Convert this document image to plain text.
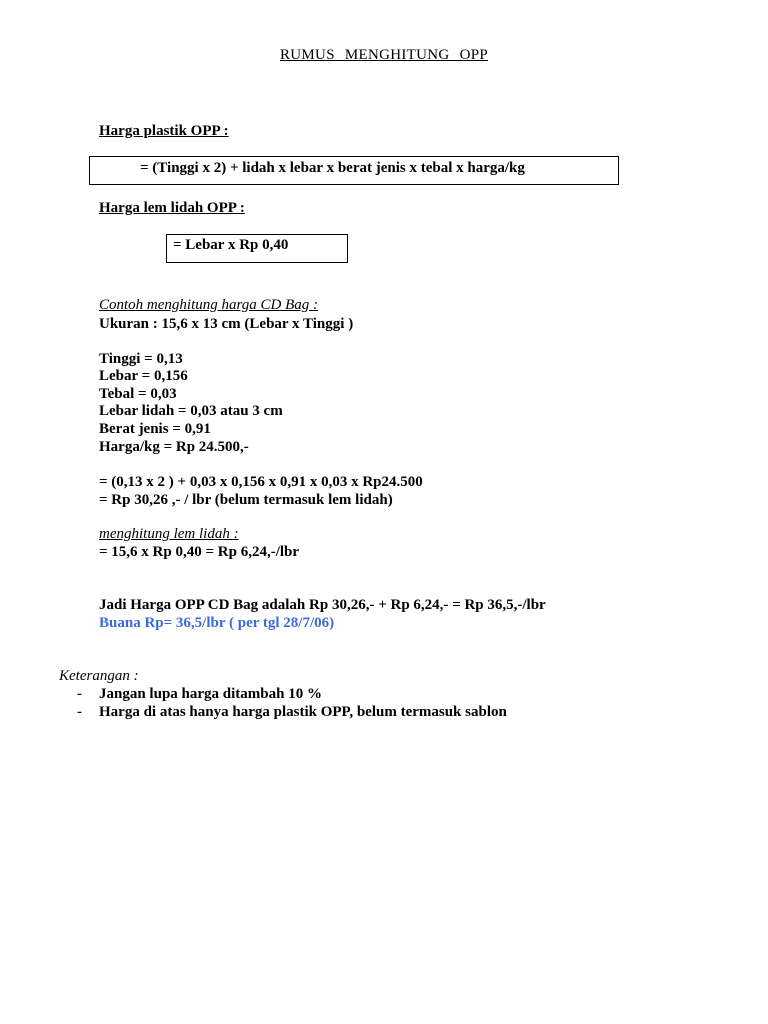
RUMUS MENGHITUNG OPP
Harga plastik OPP :
= (Tinggi x 2) + lidah x lebar x berat jenis x tebal x harga/kg
Harga lem lidah OPP :
= Lebar x Rp 0,40
Contoh menghitung harga CD Bag :
Ukuran : 15,6 x 13 cm (Lebar x Tinggi )
Tinggi = 0,13
Lebar = 0,156
Tebal = 0,03
Lebar lidah = 0,03 atau 3 cm
Berat jenis = 0,91
Harga/kg = Rp 24.500,-
= (0,13 x 2 ) + 0,03 x 0,156 x 0,91 x 0,03 x Rp24.500
= Rp 30,26 ,- / lbr (belum termasuk lem lidah)
menghitung lem lidah :
= 15,6 x Rp 0,40 = Rp 6,24,-/lbr
Jadi Harga OPP CD Bag adalah Rp 30,26,- + Rp 6,24,- = Rp 36,5,-/lbr
Buana Rp= 36,5/lbr ( per tgl 28/7/06)
Keterangan :
- Jangan lupa harga ditambah 10 %
- Harga di atas hanya harga plastik OPP, belum termasuk sablon
